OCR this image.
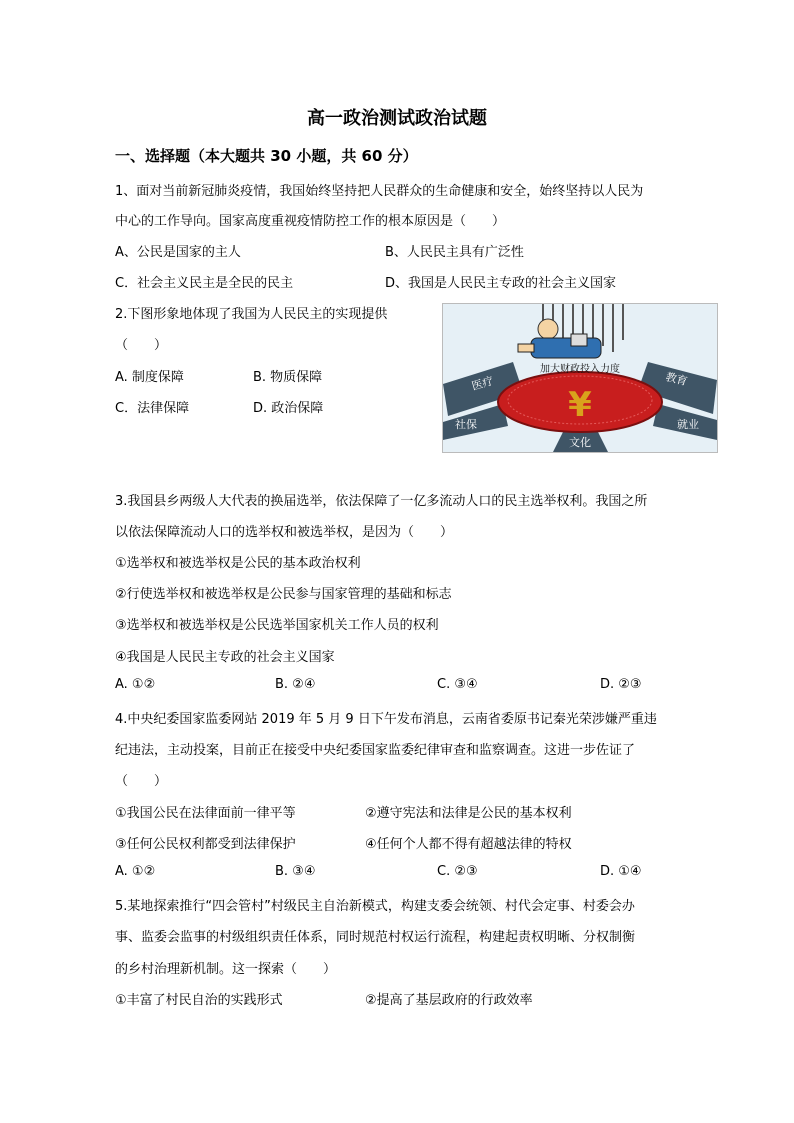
高一政治测试政治试题
一、选择题（本大题共 30 小题，共 60 分）
1、面对当前新冠肺炎疫情，我国始终坚持把人民群众的生命健康和安全，始终坚持以人民为
中心的工作导向。国家高度重视疫情防控工作的根本原因是（　　）
A、公民是国家的主人	B、人民民主具有广泛性
C．社会主义民主是全民的民主	D、我国是人民民主专政的社会主义国家
2.下图形象地体现了我国为人民民主的实现提供
（　　）
A. 制度保障	B. 物质保障
C．法律保障	D. 政治保障	¥
加大财政投入力度
医疗	教育
社保	就业
文化
3.我国县乡两级人大代表的换届选举，依法保障了一亿多流动人口的民主选举权利。我国之所
以依法保障流动人口的选举权和被选举权，是因为（　　）
①选举权和被选举权是公民的基本政治权利
②行使选举权和被选举权是公民参与国家管理的基础和标志
③选举权和被选举权是公民选举国家机关工作人员的权利
④我国是人民民主专政的社会主义国家
A. ①②	B. ②④	C. ③④	D. ②③
4.中央纪委国家监委网站 2019 年 5 月 9 日下午发布消息，云南省委原书记秦光荣涉嫌严重违
纪违法，主动投案，目前正在接受中央纪委国家监委纪律审查和监察调查。这进一步佐证了
（　　）
①我国公民在法律面前一律平等	②遵守宪法和法律是公民的基本权利
③任何公民权利都受到法律保护	④任何个人都不得有超越法律的特权
A. ①②	B. ③④	C. ②③	D. ①④
5.某地探索推行“四会管村”村级民主自治新模式，构建支委会统领、村代会定事、村委会办
事、监委会监事的村级组织责任体系，同时规范村权运行流程，构建起责权明晰、分权制衡
的乡村治理新机制。这一探索（　　）
①丰富了村民自治的实践形式	②提高了基层政府的行政效率
